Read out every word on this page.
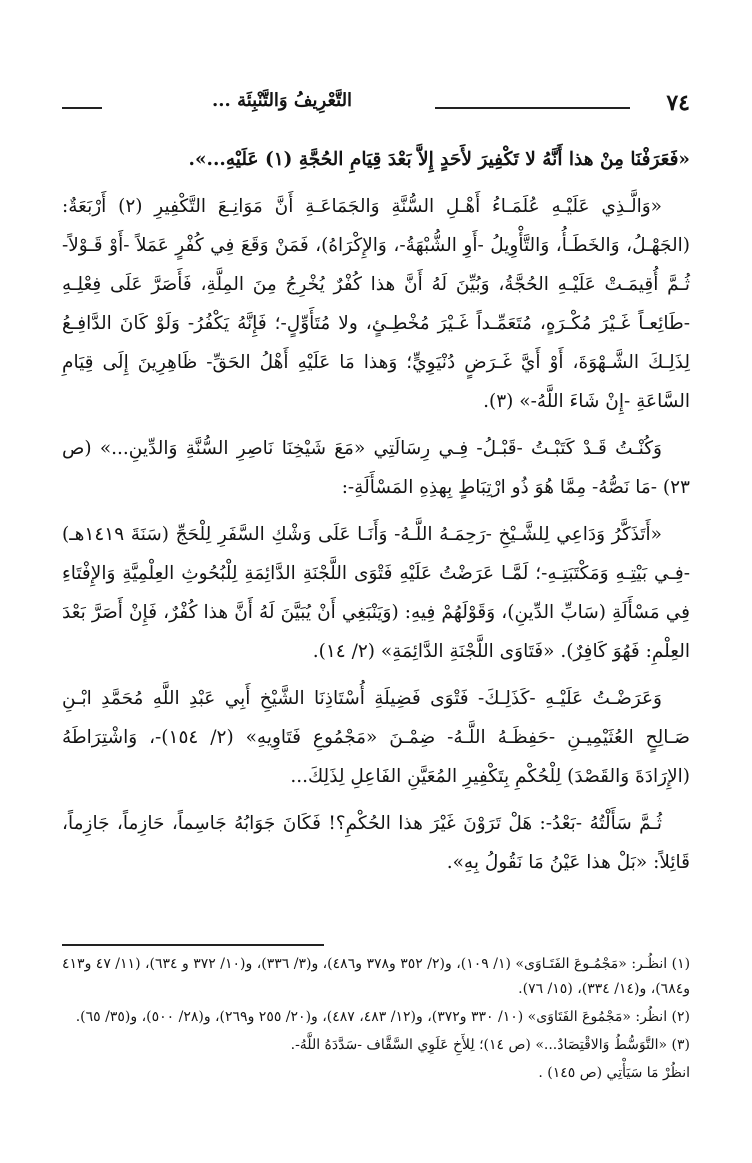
٧٤
التَّعْرِيفُ وَالتَّنْبِئَة ...

«فَعَرَفْنَا مِنْ هذا أَنَّهُ لا تَكْفِيرَ لأَحَدٍ إِلاَّ بَعْدَ قِيَامِ الحُجَّةِ (١) عَلَيْهِ...».

«وَالَّـذِي عَلَيْـهِ عُلَمَـاءُ أَهْـلِ السُّنَّةِ وَالجَمَاعَـةِ أَنَّ مَوَانِـعَ التَّكْفِيرِ (٢) أَرْبَعَةٌ: (الجَهْـلُ، وَالخَطَـأُ، وَالتَّأْوِيلُ -أَوِ الشُّبْهَةُ-، وَالإِكْرَاهُ)، فَمَنْ وَقَعَ فِي كُفْرٍ عَمَلاً -أَوْ قَـوْلاً- ثُـمَّ أُقِيمَـتْ عَلَيْـهِ الحُجَّةُ، وَبُيِّنَ لَهُ أَنَّ هذا كُفْرٌ يُخْرِجُ مِنَ المِلَّةِ، فَأَصَرَّ عَلَى فِعْلِـهِ -طَائِعـاً غَـيْرَ مُكْـرَهٍ، مُتَعَمِّـداً غَـيْرَ مُخْطِـئٍ، ولا مُتَأَوِّلٍ-؛ فَإِنَّهُ يَكْفُرُ- وَلَوْ كَانَ الدَّافِـعُ لِذَلِـكَ الشَّـهْوَةَ، أَوْ أَيَّ غَـرَضٍ دُنْيَوِيٍّ؛ وَهذا مَا عَلَيْهِ أَهْلُ الحَقِّ- ظَاهِرِينَ إِلَى قِيَامِ السَّاعَةِ -إِنْ شَاءَ اللَّهُ-» (٣).

وَكُنْـتُ قَـدْ كَتَبْـتُ -قَبْـلُ- فِـي رِسَالَتِي «مَعَ شَيْخِنَا نَاصِرِ السُّنَّةِ وَالدِّينِ...» (ص ٢٣) -مَا نَصُّهُ- مِمَّا هُوَ ذُو ارْتِبَاطٍ بِهذِهِ المَسْأَلَةِ-:

«أَتَذَكَّرُ وَدَاعِي لِلشَّـيْخِ -رَحِمَـهُ اللَّـهُ- وَأَنَـا عَلَى وَشْكِ السَّفَرِ لِلْحَجِّ (سَنَةَ ١٤١٩هـ) -فِـي بَيْتِـهِ وَمَكْتَبَتِـهِ-؛ لَمَّـا عَرَضْتُ عَلَيْهِ فَتْوَى اللَّجْنَةِ الدَّائِمَةِ لِلْبُحُوثِ العِلْمِيَّةِ وَالإِفْتَاءِ فِي مَسْأَلَةِ (سَابِّ الدِّينِ)، وَقَوْلَهُمْ فِيهِ: (وَيَنْبَغِي أَنْ يُبَيَّنَ لَهُ أَنَّ هذا كُفْرٌ، فَإِنْ أَصَرَّ بَعْدَ العِلْمِ: فَهُوَ كَافِرٌ). «فَتَاوَى اللَّجْنَةِ الدَّائِمَةِ» (٢/ ١٤).

وَعَرَضْـتُ عَلَيْـهِ -كَذَلِـكَ- فَتْوَى فَضِيلَةِ أُسْتَاذِنَا الشَّيْخِ أَبِي عَبْدِ اللَّهِ مُحَمَّدِ ابْـنِ صَـالِحٍ العُثَيْمِيـنِ -حَفِظَـهُ اللَّـهُ- ضِمْـنَ «مَجْمُوعِ فَتَاوِيهِ» (٢/ ١٥٤)-، وَاشْتِرَاطَهُ (الإِرَادَةَ وَالقَصْدَ) لِلْحُكْمِ بِتَكْفِيرِ المُعَيَّنِ الفَاعِلِ لِذَلِكَ...

ثُـمَّ سَأَلْتُهُ -بَعْدُ-: هَلْ تَرَوْنَ غَيْرَ هذا الحُكْمِ؟! فَكَانَ جَوَابُهُ جَاسِماً، حَازِماً، جَازِماً، قَائِلاً: «بَلْ هذا عَيْنُ مَا نَقُولُ بِهِ».

(١) انظُـر: «مَجْمُـوعَ الفَتَـاوَى» (١/ ١٠٩)، و(٢/ ٣٥٢ و٣٧٨ و٤٨٦)، و(٣/ ٣٣٦)، و(١٠/ ٣٧٢ و ٦٣٤)، (١١/ ٤٧ و٤١٣ و٦٨٤)، و(١٤/ ٣٣٤)، (١٥/ ٧٦).

(٢) انظُر: «مَجْمُوعَ الفَتَاوَى» (١٠/ ٣٣٠ و٣٧٢)، و(١٢/ ٤٨٣، ٤٨٧)، و(٢٠/ ٢٥٥ و٢٦٩)، و(٢٨/ ٥٠٠)، و(٣٥/ ٦٥).

(٣) «التَّوَسُّطُ وَالاقْتِصَادُ...» (ص ١٤)؛ لِلأَخِ عَلَوِي السَّقَّاف -سَدَّدَهُ اللَّهُ-.

انظُرْ مَا سَيَأْتِي (ص ١٤٥) .
